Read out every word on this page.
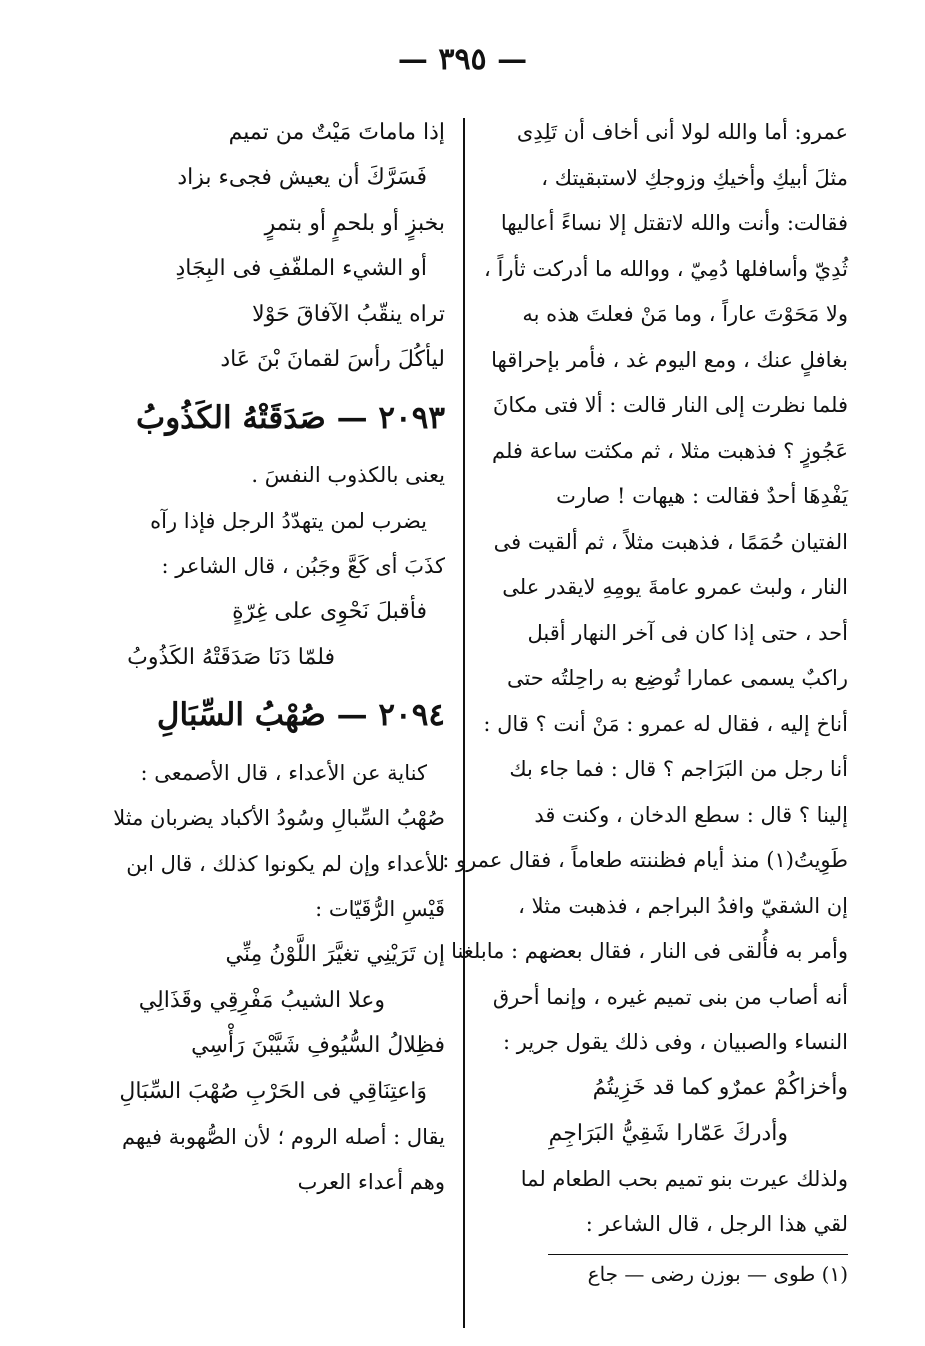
— ٣٩٥ —
عمرو: أما والله لولا أنى أخاف أن تَلِدِى
مثلَ أبيكِ وأخيكِ وزوجكِ لاستبقيتك ،
فقالت: وأنت والله لاتقتل إلا نساءً أعاليها
ثُدِيّ وأسافلها دُمِيّ ، ووالله ما أدركت ثأراً ،
ولا مَحَوْتَ عاراً ، وما مَنْ فعلتَ هذه به
بغافلٍ عنك ، ومع اليوم غد ، فأمر بإحراقها
فلما نظرت إلى النار قالت : ألا فتى مكانَ
عَجُوزٍ ؟ فذهبت مثلا ، ثم مكثت ساعة فلم
يَفْدِهَا أحدٌ فقالت : هيهات ! صارت
الفتيان حُمَمًا ، فذهبت مثلاً ، ثم ألقيت فى
النار ، ولبث عمرو عامةَ يومِهِ لايقدر على
أحد ، حتى إذا كان فى آخر النهار أقبل
راكبٌ يسمى عمارا تُوضِع به راحِلتُه حتى
أناخ إليه ، فقال له عمرو : مَنْ أنت ؟ قال :
أنا رجل من البَرَاجم ؟ قال : فما جاء بك
إلينا ؟ قال : سطع الدخان ، وكنت قد
طَوِيتُ(١) منذ أيام فظننته طعاماً ، فقال عمرو :
إن الشقيّ وافدُ البراجم ، فذهبت مثلا ،
وأمر به فأُلقى فى النار ، فقال بعضهم : مابلغنا
أنه أصاب من بنى تميم غيره ، وإنما أحرق
النساء والصبيان ، وفى ذلك يقول جرير :
وأخزاكُمْ عمرٌو كما قد خَزِيتُمُ
وأدركَ عَمّارا شَقِيُّ البَرَاجِمِ
ولذلك عيرت بنو تميم بحب الطعام لما
لقي هذا الرجل ، قال الشاعر :
(١) طوى — بوزن رضى — جاع
إذا ماماتَ مَيْتٌ من تميم
فَسَرَّكَ أن يعيش فجىء بزاد
بخبزٍ أو بلحمٍ أو بتمرٍ
أو الشيء الملفّفِ فى البِجَادِ
تراه ينقّبُ الآفاقَ حَوْلا
ليأكُلَ رأسَ لقمانَ بْنَ عَاد
٢٠٩٣ — صَدَقَتْهُ الكَذُوبُ
يعنى بالكذوب النفسَ .
يضرب لمن يتهدّدُ الرجل فإذا رآه
كذَبَ أى كَعَّ وجَبُن ، قال الشاعر :
فأقبلَ نَحْوِى على غِرّةٍ
فلمّا دَنَا صَدَقَتْهُ الكَذُوبُ
٢٠٩٤ — صُهْبُ السِّبَالِ
كناية عن الأعداء ، قال الأصمعى :
صُهْبُ السِّبالِ وسُودُ الأكباد يضربان مثلا
للأعداء وإن لم يكونوا كذلك ، قال ابن
قَيْسِ الرُّقَيّات :
إن تَرَيْنِي تغيَّرَ اللَّوْنُ مِنِّي
وعلا الشيبُ مَفْرِقِي وقَذَالِي
فظِلالُ السُّيُوفِ شَيَّبْنَ رَأْسِي
وَاعتِنَاقِي فى الحَرْبِ صُهْبَ السِّبَالِ
يقال : أصله الروم ؛ لأن الصُّهوبة فيهم
وهم أعداء العرب
